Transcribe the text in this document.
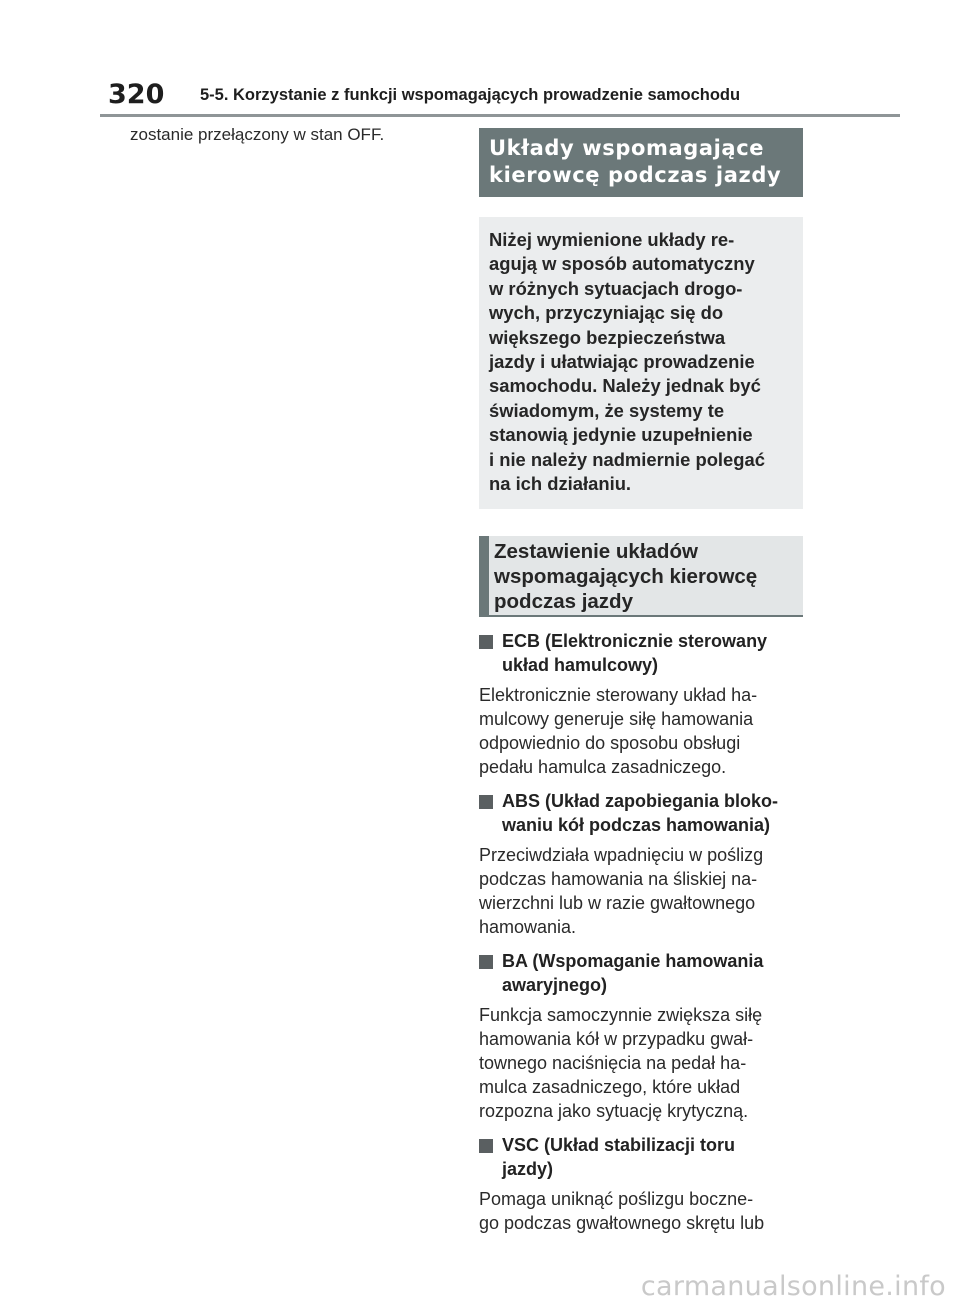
320 5-5. Korzystanie z funkcji wspomagających prowadzenie samochodu

zostanie przełączony w stan OFF.

Układy wspomagające
kierowcę podczas jazdy
Niżej wymienione układy re-
agują w sposób automatyczny
w różnych sytuacjach drogo-
wych, przyczyniając się do
większego bezpieczeństwa
jazdy i ułatwiając prowadzenie
samochodu. Należy jednak być
świadomym, że systemy te
stanowią jedynie uzupełnienie
i nie należy nadmiernie polegać
na ich działaniu.
Zestawienie układów
wspomagających kierowcę
podczas jazdy
ECB (Elektronicznie sterowany
układ hamulcowy)
Elektronicznie sterowany układ ha-
mulcowy generuje siłę hamowania
odpowiednio do sposobu obsługi
pedału hamulca zasadniczego.
ABS (Układ zapobiegania bloko-
waniu kół podczas hamowania)
Przeciwdziała wpadnięciu w poślizg
podczas hamowania na śliskiej na-
wierzchni lub w razie gwałtownego
hamowania.
BA (Wspomaganie hamowania
awaryjnego)
Funkcja samoczynnie zwiększa siłę
hamowania kół w przypadku gwał-
townego naciśnięcia na pedał ha-
mulca zasadniczego, które układ
rozpozna jako sytuację krytyczną.
VSC (Układ stabilizacji toru
jazdy)
Pomaga uniknąć poślizgu boczne-
go podczas gwałtownego skrętu lub
carmanualsonline.info
